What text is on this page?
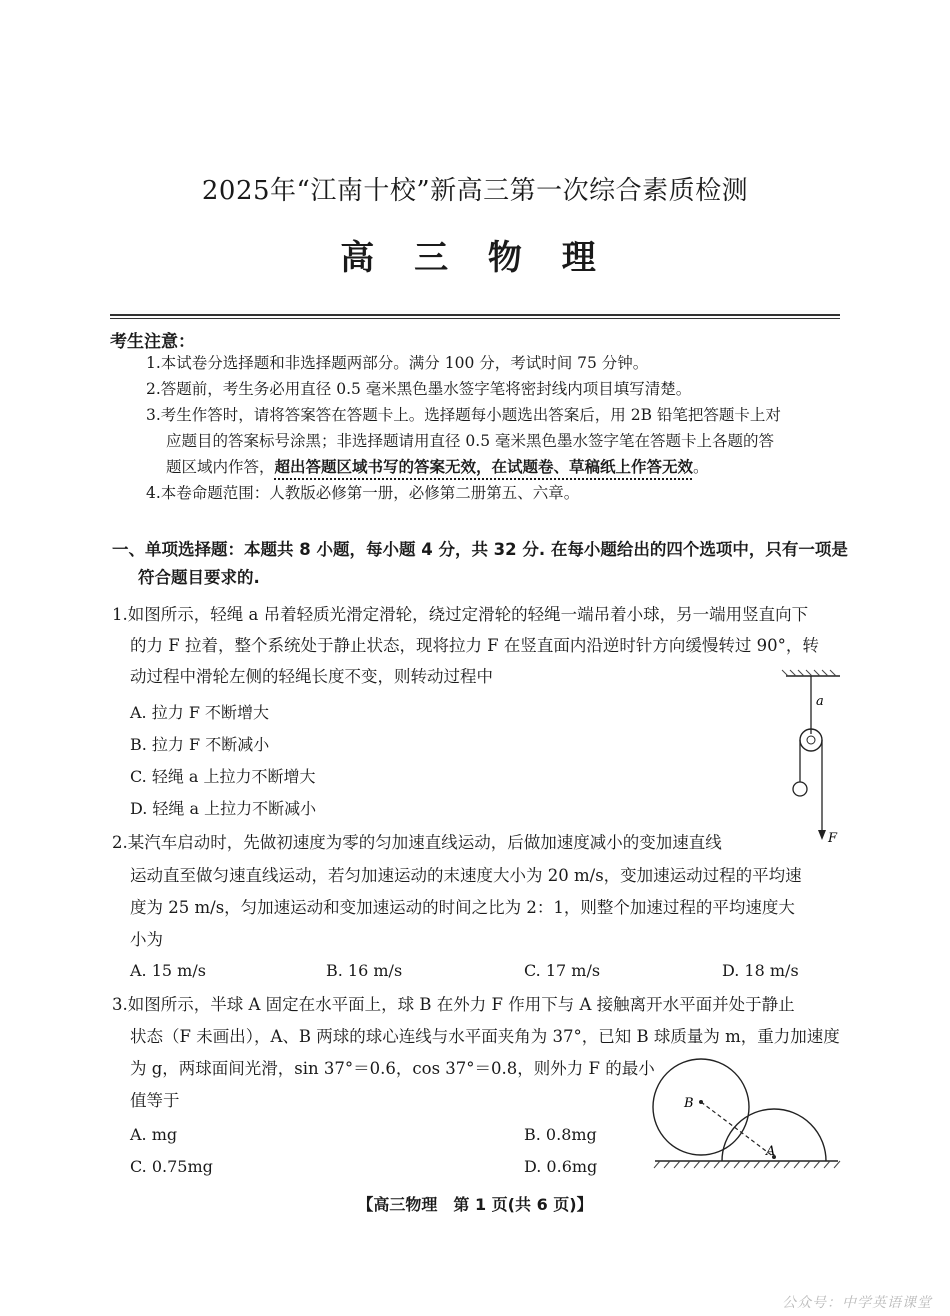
2025年“江南十校”新高三第一次综合素质检测
高 三 物 理
考生注意：
1.本试卷分选择题和非选择题两部分。满分 100 分，考试时间 75 分钟。
2.答题前，考生务必用直径 0.5 毫米黑色墨水签字笔将密封线内项目填写清楚。
3.考生作答时，请将答案答在答题卡上。选择题每小题选出答案后，用 2B 铅笔把答题卡上对
应题目的答案标号涂黑；非选择题请用直径 0.5 毫米黑色墨水签字笔在答题卡上各题的答
题区域内作答，超出答题区域书写的答案无效，在试题卷、草稿纸上作答无效。
4.本卷命题范围：人教版必修第一册，必修第二册第五、六章。
一、单项选择题：本题共 8 小题，每小题 4 分，共 32 分. 在每小题给出的四个选项中，只有一项是
符合题目要求的.
1.如图所示，轻绳 a 吊着轻质光滑定滑轮，绕过定滑轮的轻绳一端吊着小球，另一端用竖直向下
的力 F 拉着，整个系统处于静止状态，现将拉力 F 在竖直面内沿逆时针方向缓慢转过 90°，转
动过程中滑轮左侧的轻绳长度不变，则转动过程中
A. 拉力 F 不断增大
B. 拉力 F 不断减小
C. 轻绳 a 上拉力不断增大
D. 轻绳 a 上拉力不断减小
a
F
2.某汽车启动时，先做初速度为零的匀加速直线运动，后做加速度减小的变加速直线
运动直至做匀速直线运动，若匀加速运动的末速度大小为 20 m/s，变加速运动过程的平均速
度为 25 m/s，匀加速运动和变加速运动的时间之比为 2：1，则整个加速过程的平均速度大
小为
A. 15 m/s	B. 16 m/s	C. 17 m/s	D. 18 m/s
3.如图所示，半球 A 固定在水平面上，球 B 在外力 F 作用下与 A 接触离开水平面并处于静止
状态（F 未画出），A、B 两球的球心连线与水平面夹角为 37°，已知 B 球质量为 m，重力加速度
为 g，两球面间光滑，sin 37°＝0.6，cos 37°＝0.8，则外力 F 的最小
值等于
A. mg	B. 0.8mg
C. 0.75mg	D. 0.6mg
B
A
【高三物理　第 1 页(共 6 页)】
公众号：中学英语课堂
